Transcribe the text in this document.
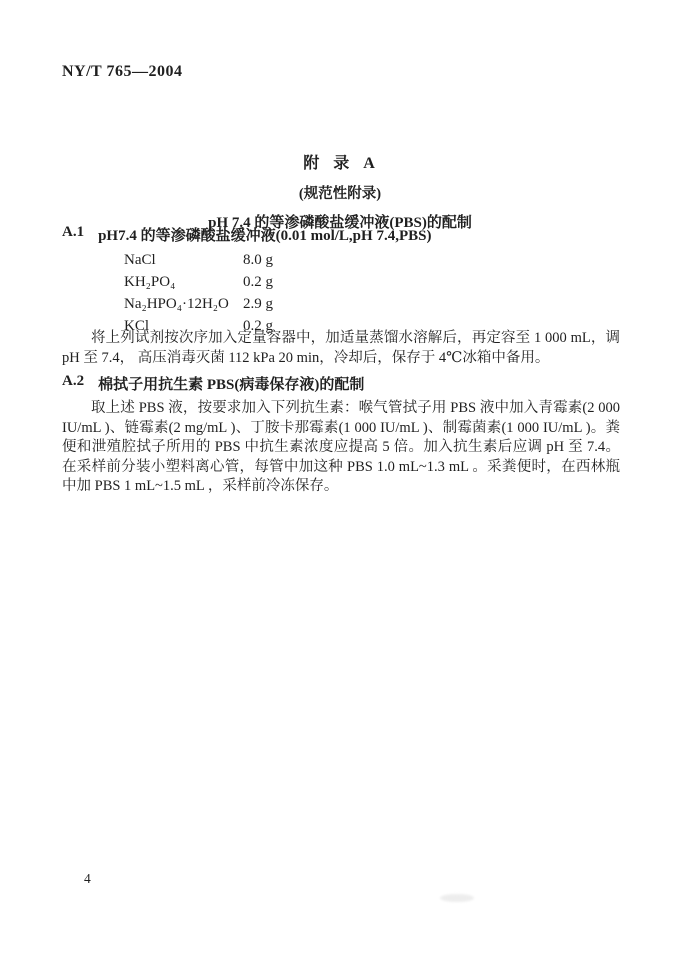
NY/T 765—2004
附  录  A
(规范性附录)
pH 7.4 的等渗磷酸盐缓冲液(PBS)的配制
A.1 pH7.4 的等渗磷酸盐缓冲液(0.01 mol/L,pH 7.4,PBS)
NaCl	8.0 g
KH₂PO₄	0.2 g
Na₂HPO₄·12H₂O 2.9 g
KCl	0.2 g

将上列试剂按次序加入定量容器中，加适量蒸馏水溶解后，再定容至 1 000 mL，调 pH 至 7.4， 高压消毒灭菌 112 kPa 20 min，冷却后，保存于 4℃冰箱中备用。

A.2 棉拭子用抗生素 PBS(病毒保存液)的配制

取上述 PBS 液，按要求加入下列抗生素：喉气管拭子用 PBS 液中加入青霉素(2 000 IU/mL )、链霉素(2 mg/mL )、丁胺卡那霉素(1 000 IU/mL )、制霉菌素(1 000 IU/mL )。粪便和泄殖腔拭子所用的 PBS 中抗生素浓度应提高 5 倍。加入抗生素后应调 pH 至 7.4。在采样前分装小塑料离心管，每管中加这种 PBS 1.0 mL~1.3 mL 。采粪便时，在西林瓶中加 PBS 1 mL~1.5 mL ，采样前冷冻保存。

4
